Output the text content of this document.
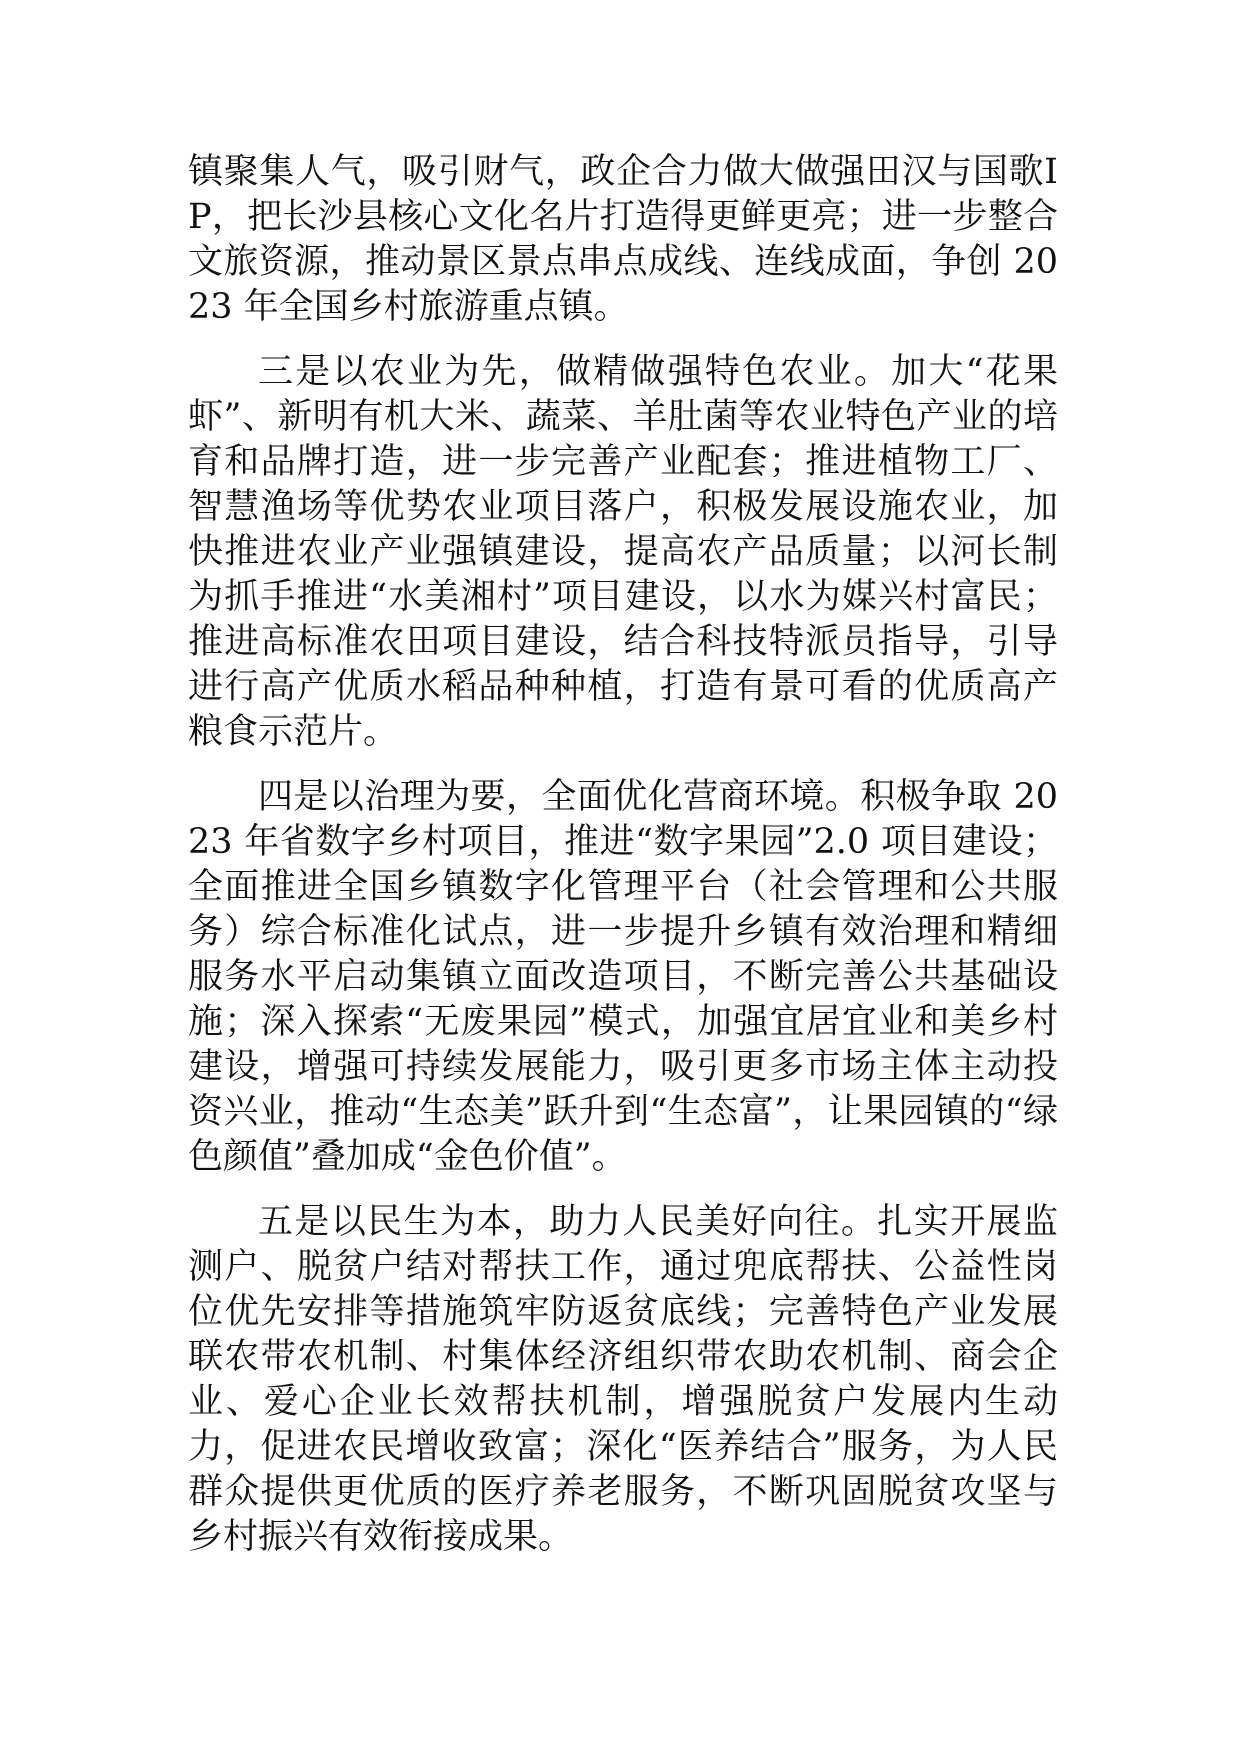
镇聚集人气，吸引财气，政企合力做大做强田汉与国歌IP，把长沙县核心文化名片打造得更鲜更亮；进一步整合文旅资源，推动景区景点串点成线、连线成面，争创 2023 年全国乡村旅游重点镇。

三是以农业为先，做精做强特色农业。加大“花果虾”、新明有机大米、蔬菜、羊肚菌等农业特色产业的培育和品牌打造，进一步完善产业配套；推进植物工厂、智慧渔场等优势农业项目落户，积极发展设施农业，加快推进农业产业强镇建设，提高农产品质量；以河长制为抓手推进“水美湘村”项目建设，以水为媒兴村富民；推进高标准农田项目建设，结合科技特派员指导，引导进行高产优质水稻品种种植，打造有景可看的优质高产粮食示范片。

四是以治理为要，全面优化营商环境。积极争取 2023 年省数字乡村项目，推进“数字果园”2.0 项目建设；全面推进全国乡镇数字化管理平台（社会管理和公共服务）综合标准化试点，进一步提升乡镇有效治理和精细服务水平启动集镇立面改造项目，不断完善公共基础设施；深入探索“无废果园”模式，加强宜居宜业和美乡村建设，增强可持续发展能力，吸引更多市场主体主动投资兴业，推动“生态美”跃升到“生态富”，让果园镇的“绿色颜值”叠加成“金色价值”。

五是以民生为本，助力人民美好向往。扎实开展监测户、脱贫户结对帮扶工作，通过兜底帮扶、公益性岗位优先安排等措施筑牢防返贫底线；完善特色产业发展联农带农机制、村集体经济组织带农助农机制、商会企业、爱心企业长效帮扶机制，增强脱贫户发展内生动力，促进农民增收致富；深化“医养结合”服务，为人民群众提供更优质的医疗养老服务，不断巩固脱贫攻坚与乡村振兴有效衔接成果。
